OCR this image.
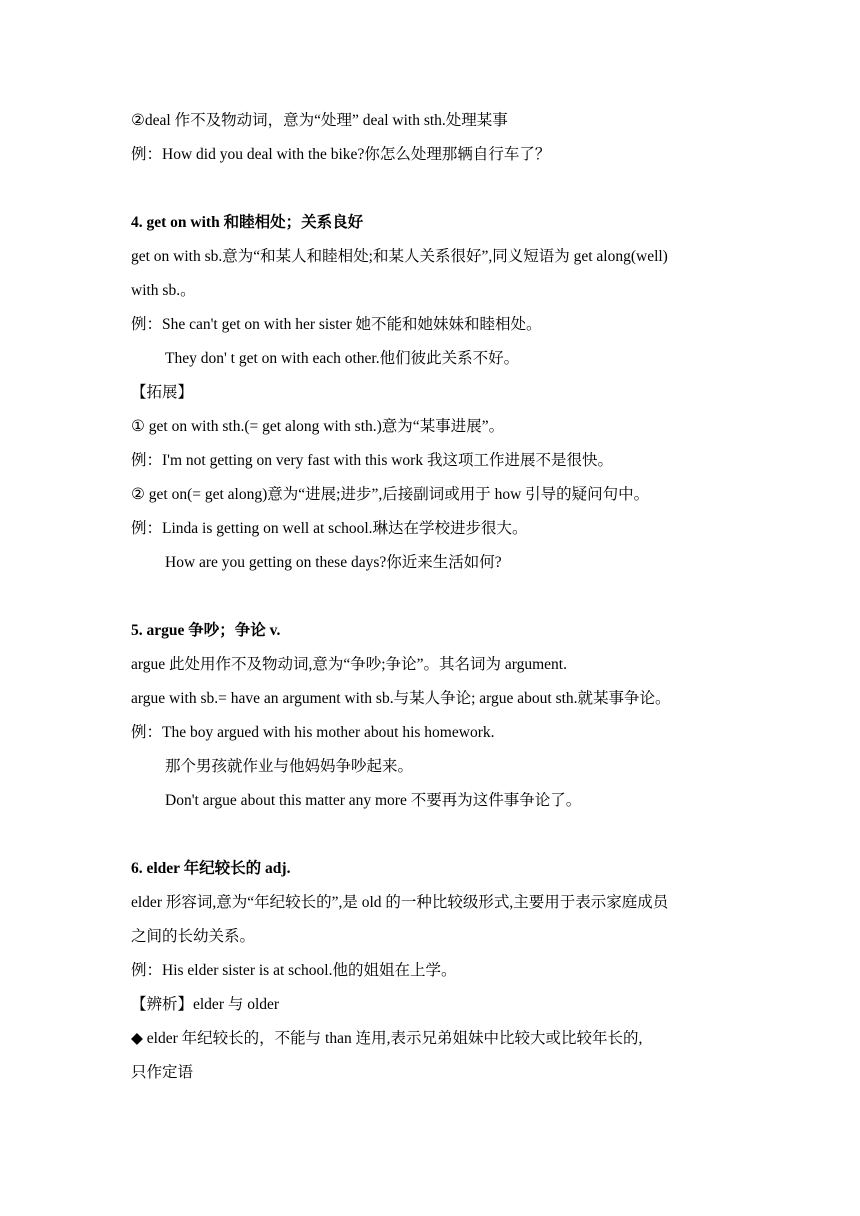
②deal 作不及物动词，意为“处理” deal with sth.处理某事
例：How did you deal with the bike?你怎么处理那辆自行车了？
4. get on with 和睦相处；关系良好
get on with sb.意为“和某人和睦相处;和某人关系很好”,同义短语为 get along(well)
with sb.。
例：She can't get on with her sister 她不能和她妹妹和睦相处。
They don' t get on with each other.他们彼此关系不好。
【拓展】
① get on with sth.(= get along with sth.)意为“某事进展”。
例：I'm not getting on very fast with this work 我这项工作进展不是很快。
② get on(= get along)意为“进展;进步”,后接副词或用于 how 引导的疑问句中。
例：Linda is getting on well at school.琳达在学校进步很大。
How are you getting on these days?你近来生活如何?
5. argue 争吵；争论 v.
argue 此处用作不及物动词,意为“争吵;争论”。其名词为 argument.
argue with sb.= have an argument with sb.与某人争论; argue about sth.就某事争论。
例：The boy argued with his mother about his homework.
那个男孩就作业与他妈妈争吵起来。
Don't argue about this matter any more 不要再为这件事争论了。
6. elder 年纪较长的 adj.
elder 形容词,意为“年纪较长的”,是 old 的一种比较级形式,主要用于表示家庭成员
之间的长幼关系。
例：His elder sister is at school.他的姐姐在上学。
【辨析】elder 与 older
◆ elder 年纪较长的，不能与 than 连用,表示兄弟姐妹中比较大或比较年长的,
只作定语
